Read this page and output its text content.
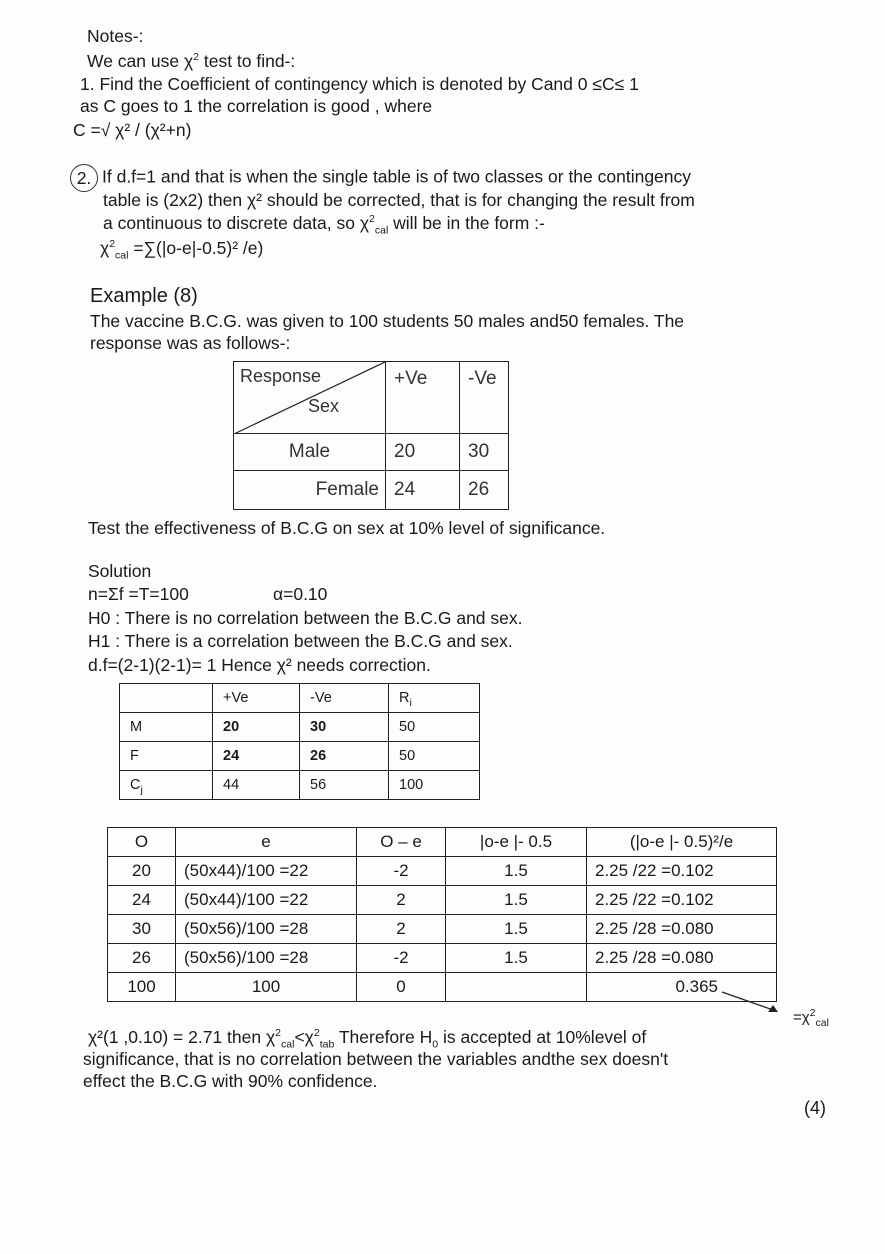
Notes-:
We can use $\chi^2$ test to find-:
1. Find the Coefficient of contingency which is denoted by Cand 0 ≤C≤ 1
as C goes to 1 the correlation is good , where
C =√ χ² / (χ²+n)
2. If d.f=1 and that is when the single table is of two classes or the contingency
table is (2x2) then χ² should be corrected, that is for changing the result from
a continuous to discrete data, so $\chi^2_{cal}$ will be in the form :-
$\chi^2_{cal} =\sum(|o-e|-0.5)^2$ /e)
Example (8)
The vaccine B.C.G. was given to 100 students 50 males and50 females. The
response was as follows-:
Response
Sex	+Ve	-Ve
Male	20	30
Female	24	26
Test the effectiveness of B.C.G on sex at 10% level of significance.
Solution
n=Σf =T=100	α=0.10
H0 : There is no correlation between the B.C.G and sex.
H1 : There is a correlation between the B.C.G and sex.
d.f=(2-1)(2-1)= 1 Hence χ² needs correction.
	+Ve	-Ve	$R_i$
M	20	30	50
F	24	26	50
$C_j$	44	56	100
O	e	O – e	|o-e |- 0.5	(|o-e |- 0.5)²/e
20	(50x44)/100 =22	-2	1.5	2.25 /22 =0.102
24	(50x44)/100 =22	2	1.5	2.25 /22 =0.102
30	(50x56)/100 =28	2	1.5	2.25 /28 =0.080
26	(50x56)/100 =28	-2	1.5	2.25 /28 =0.080
100	100	0		0.365
$=\chi^2_{cal}$
χ²(1 ,0.10) = 2.71 then $\chi^2_{cal}<\chi^2_{tab}$ Therefore $H_0$ is accepted at 10%level of
significance, that is no correlation between the variables andthe sex doesn't
effect the B.C.G with 90% confidence.
(4)
